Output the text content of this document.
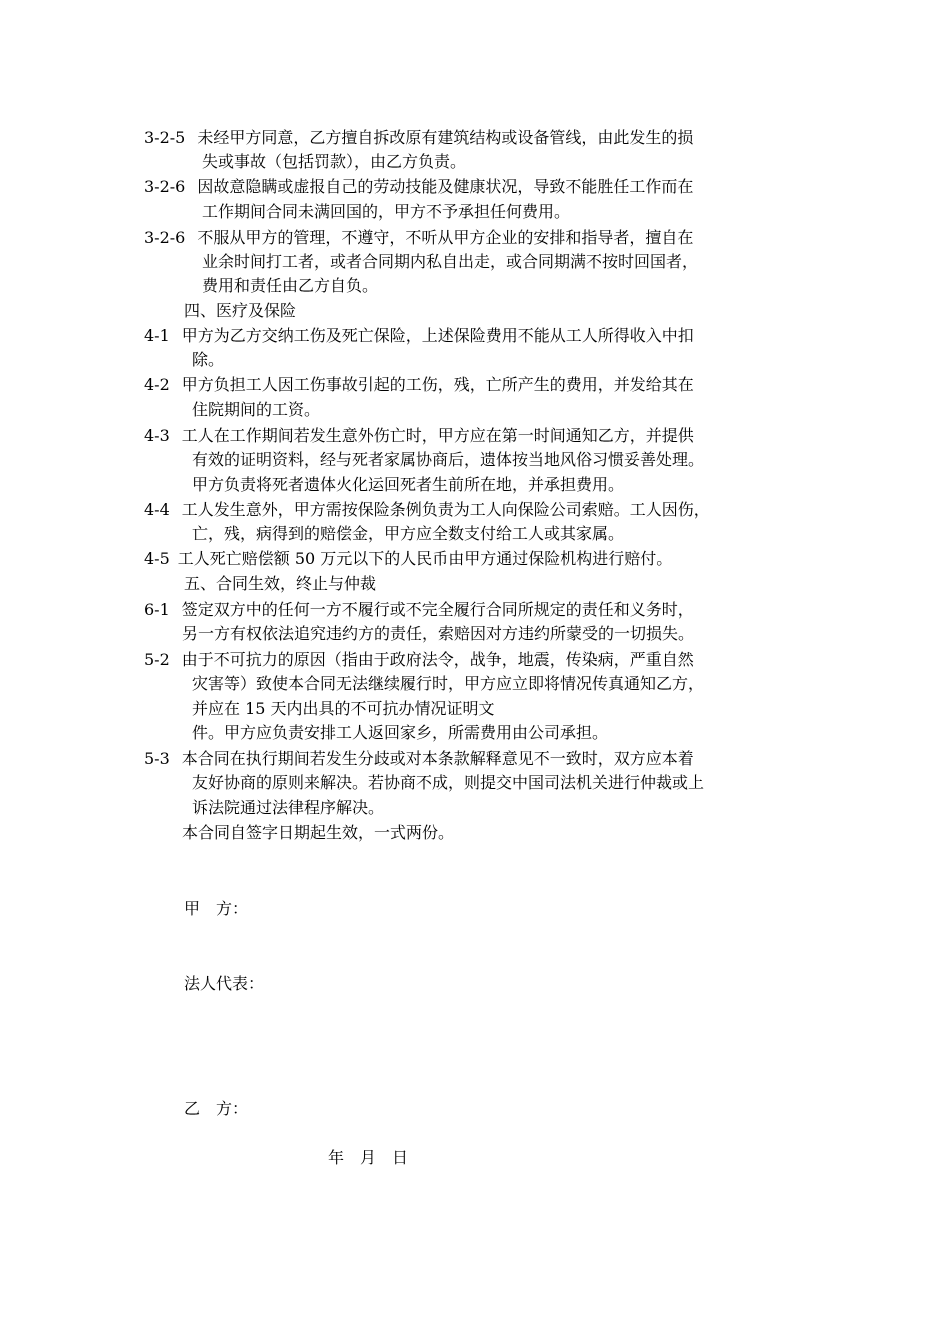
3-2-5 未经甲方同意，乙方擅自拆改原有建筑结构或设备管线，由此发生的损
失或事故（包括罚款），由乙方负责。
3-2-6 因故意隐瞒或虚报自己的劳动技能及健康状况，导致不能胜任工作而在
工作期间合同未满回国的，甲方不予承担任何费用。
3-2-6 不服从甲方的管理，不遵守，不听从甲方企业的安排和指导者，擅自在
业余时间打工者，或者合同期内私自出走，或合同期满不按时回国者，
费用和责任由乙方自负。
四、医疗及保险
4-1 甲方为乙方交纳工伤及死亡保险，上述保险费用不能从工人所得收入中扣
除。
4-2 甲方负担工人因工伤事故引起的工伤，残，亡所产生的费用，并发给其在
住院期间的工资。
4-3 工人在工作期间若发生意外伤亡时，甲方应在第一时间通知乙方，并提供
有效的证明资料，经与死者家属协商后，遗体按当地风俗习惯妥善处理。
甲方负责将死者遗体火化运回死者生前所在地，并承担费用。
4-4 工人发生意外，甲方需按保险条例负责为工人向保险公司索赔。工人因伤，
亡，残，病得到的赔偿金，甲方应全数支付给工人或其家属。
4-5 工人死亡赔偿额 50 万元以下的人民币由甲方通过保险机构进行赔付。
五、合同生效，终止与仲裁
6-1 签定双方中的任何一方不履行或不完全履行合同所规定的责任和义务时，
另一方有权依法追究违约方的责任，索赔因对方违约所蒙受的一切损失。
5-2 由于不可抗力的原因（指由于政府法令，战争，地震，传染病，严重自然
灾害等）致使本合同无法继续履行时，甲方应立即将情况传真通知乙方，
并应在 15 天内出具的不可抗办情况证明文
件。甲方应负责安排工人返回家乡，所需费用由公司承担。
5-3 本合同在执行期间若发生分歧或对本条款解释意见不一致时，双方应本着
友好协商的原则来解决。若协商不成，则提交中国司法机关进行仲裁或上
诉法院通过法律程序解决。
本合同自签字日期起生效，一式两份。
甲　方：
法人代表：
乙　方：
年　月　日
